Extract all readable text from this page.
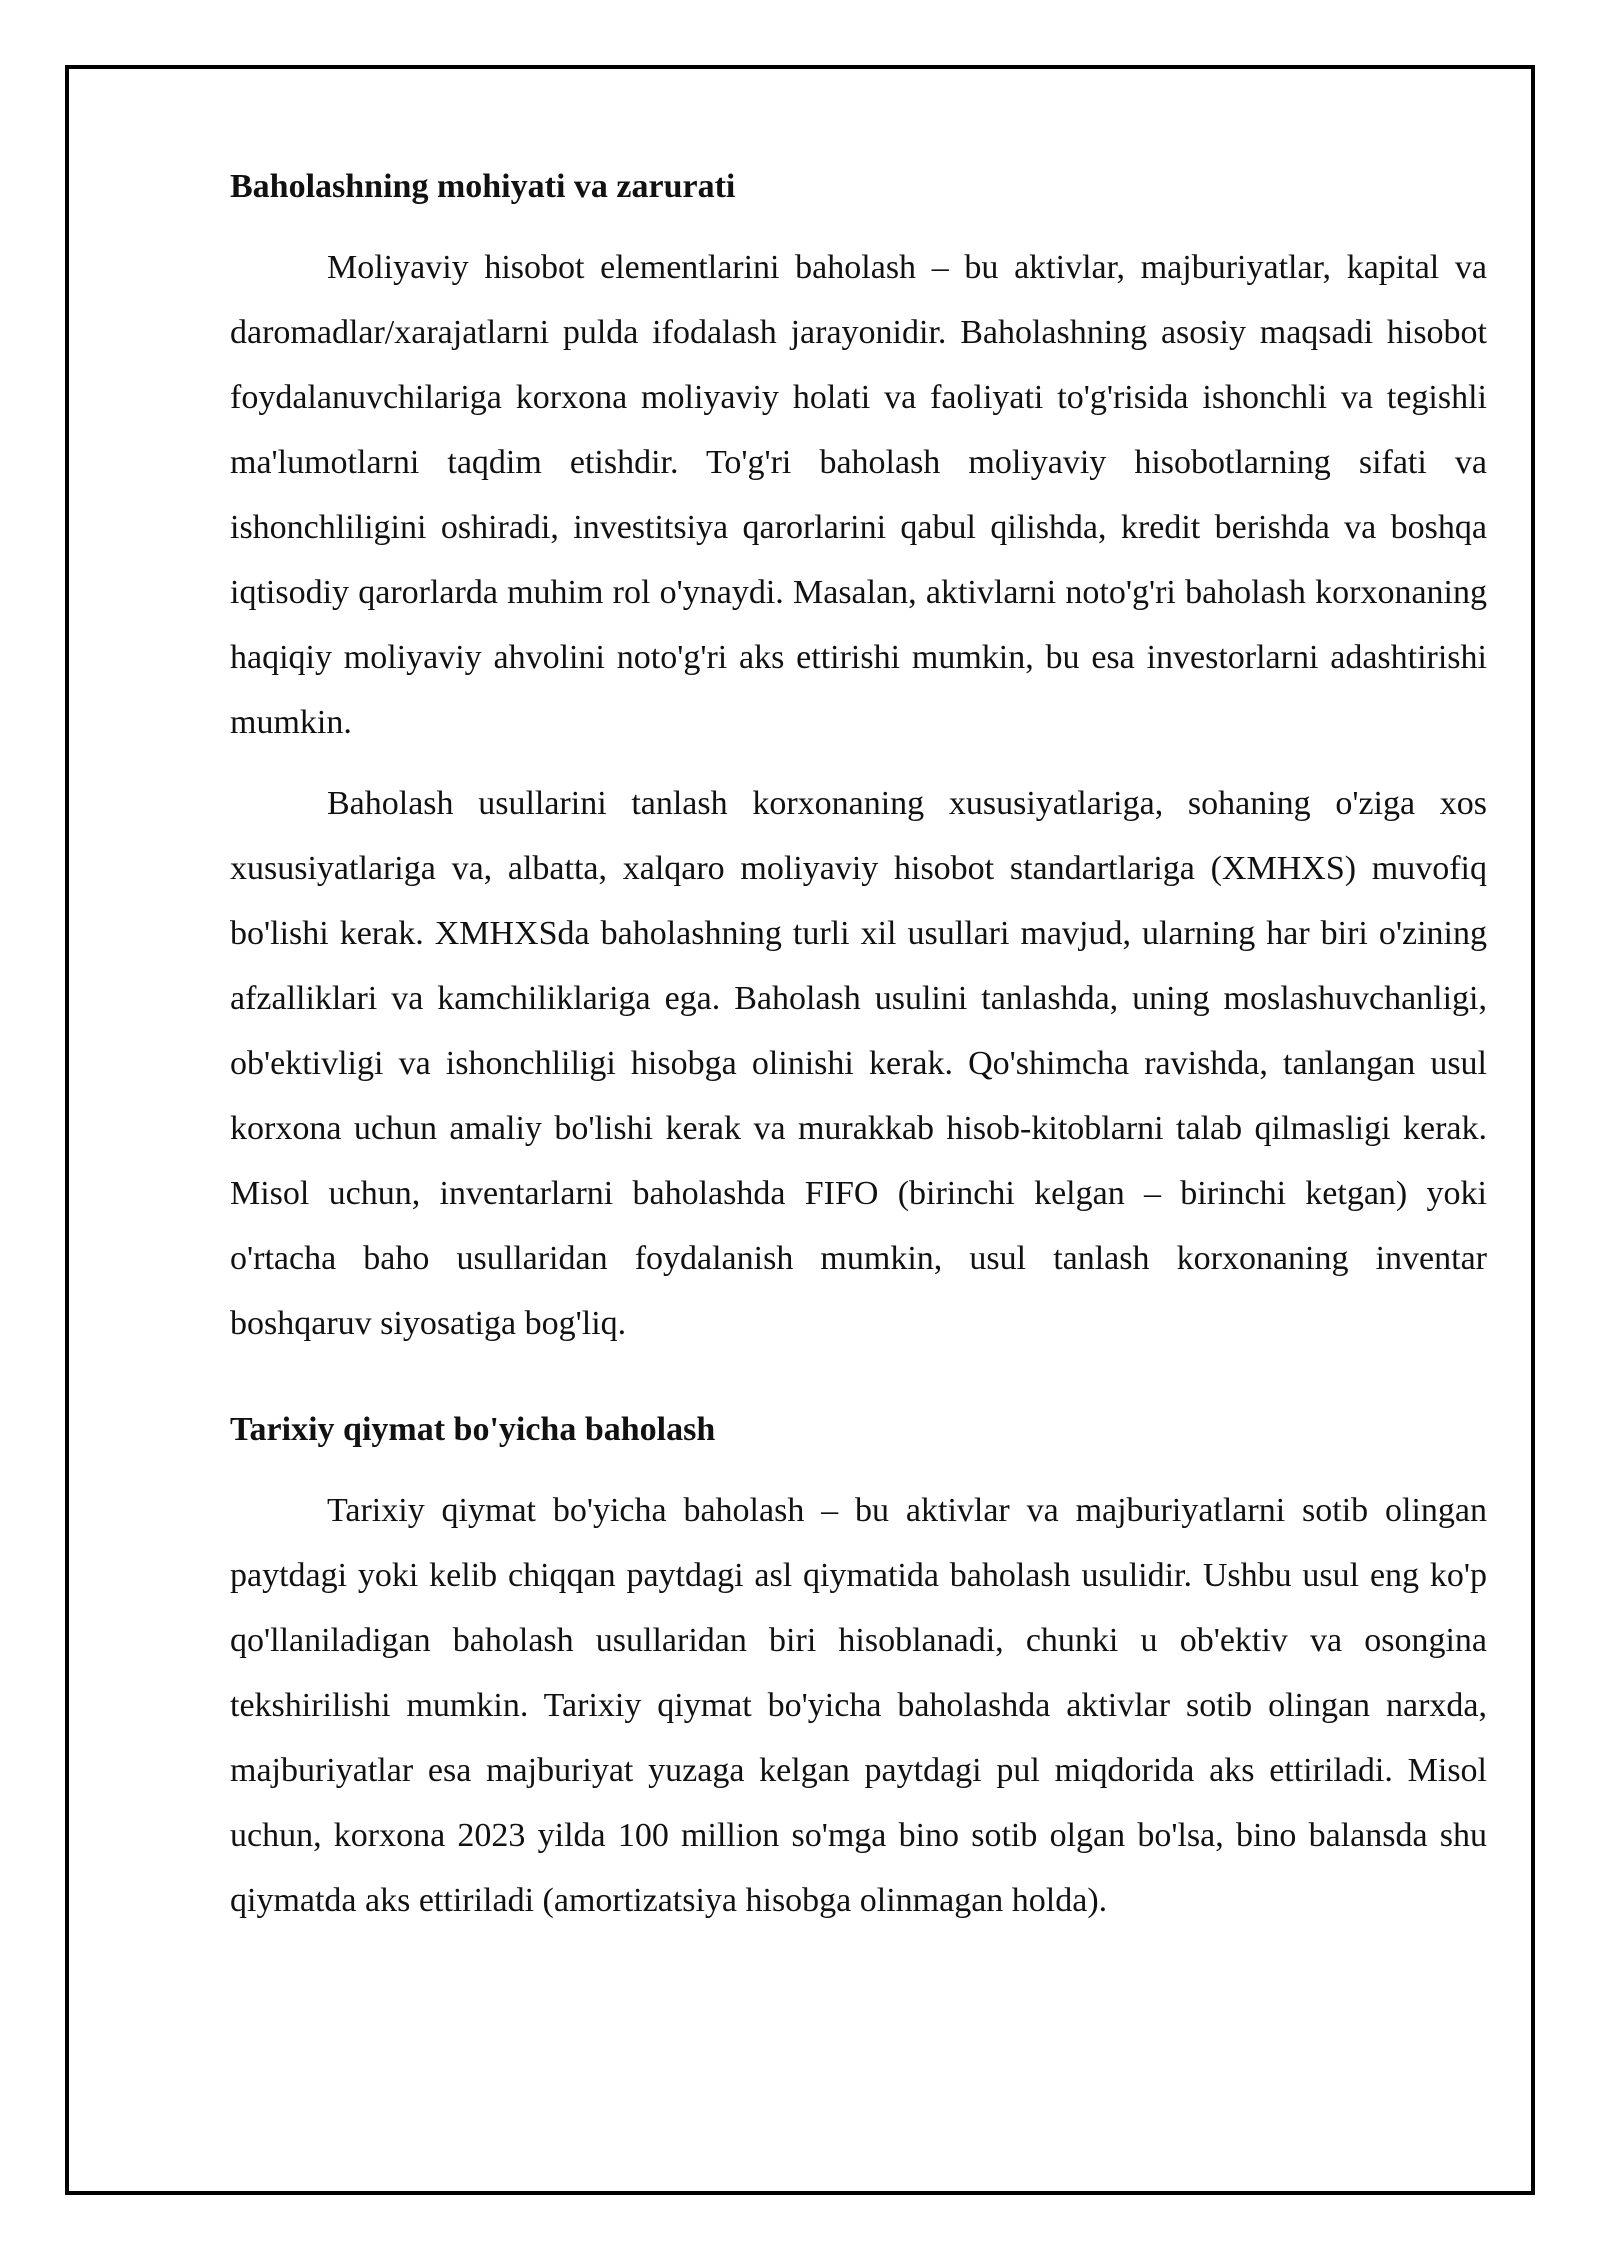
Baholashning mohiyati va zarurati

Moliyaviy hisobot elementlarini baholash – bu aktivlar, majburiyatlar, kapital va daromadlar/xarajatlarni pulda ifodalash jarayonidir. Baholashning asosiy maqsadi hisobot foydalanuvchilariga korxona moliyaviy holati va faoliyati to'g'risida ishonchli va tegishli ma'lumotlarni taqdim etishdir. To'g'ri baholash moliyaviy hisobotlarning sifati va ishonchliligini oshiradi, investitsiya qarorlarini qabul qilishda, kredit berishda va boshqa iqtisodiy qarorlarda muhim rol o'ynaydi. Masalan, aktivlarni noto'g'ri baholash korxonaning haqiqiy moliyaviy ahvolini noto'g'ri aks ettirishi mumkin, bu esa investorlarni adashtirishi mumkin.

Baholash usullarini tanlash korxonaning xususiyatlariga, sohaning o'ziga xos xususiyatlariga va, albatta, xalqaro moliyaviy hisobot standartlariga (XMHXS) muvofiq bo'lishi kerak. XMHXSda baholashning turli xil usullari mavjud, ularning har biri o'zining afzalliklari va kamchiliklariga ega. Baholash usulini tanlashda, uning moslashuvchanligi, ob'ektivligi va ishonchliligi hisobga olinishi kerak. Qo'shimcha ravishda, tanlangan usul korxona uchun amaliy bo'lishi kerak va murakkab hisob-kitoblarni talab qilmasligi kerak. Misol uchun, inventarlarni baholashda FIFO (birinchi kelgan – birinchi ketgan) yoki o'rtacha baho usullaridan foydalanish mumkin, usul tanlash korxonaning inventar boshqaruv siyosatiga bog'liq.

Tarixiy qiymat bo'yicha baholash

Tarixiy qiymat bo'yicha baholash – bu aktivlar va majburiyatlarni sotib olingan paytdagi yoki kelib chiqqan paytdagi asl qiymatida baholash usulidir. Ushbu usul eng ko'p qo'llaniladigan baholash usullaridan biri hisoblanadi, chunki u ob'ektiv va osongina tekshirilishi mumkin. Tarixiy qiymat bo'yicha baholashda aktivlar sotib olingan narxda, majburiyatlar esa majburiyat yuzaga kelgan paytdagi pul miqdorida aks ettiriladi. Misol uchun, korxona 2023 yilda 100 million so'mga bino sotib olgan bo'lsa, bino balansda shu qiymatda aks ettiriladi (amortizatsiya hisobga olinmagan holda).
